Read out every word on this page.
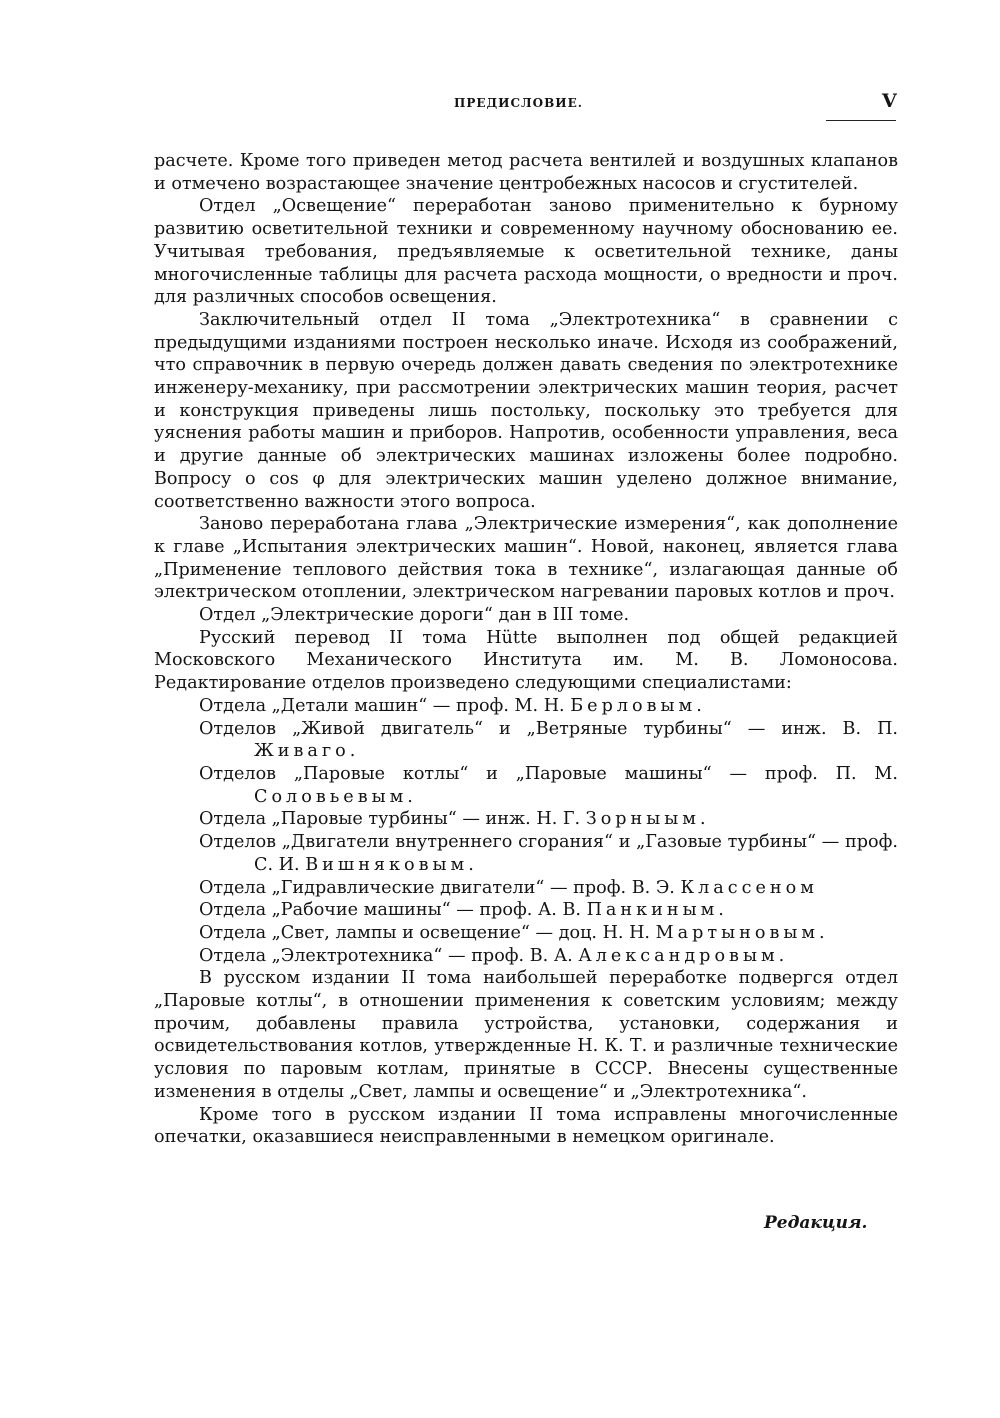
ПРЕДИСЛОВИЕ.	V

расчете. Кроме того приведен метод расчета вентилей и воздушных клапанов и отмечено возрастающее значение центробежных насосов и сгустителей.

Отдел „Освещение“ переработан заново применительно к бурному развитию осветительной техники и современному научному обоснованию ее. Учитывая требования, предъявляемые к осветительной технике, даны многочисленные таблицы для расчета расхода мощности, о вредности и проч. для различных способов освещения.

Заключительный отдел II тома „Электротехника“ в сравнении с предыдущими изданиями построен несколько иначе. Исходя из соображений, что справочник в первую очередь должен давать сведения по электротехнике инженеру-механику, при рассмотрении электрических машин теория, расчет и конструкция приведены лишь постольку, поскольку это требуется для уяснения работы машин и приборов. Напротив, особенности управления, веса и другие данные об электрических машинах изложены более подробно. Вопросу о cos φ для электрических машин уделено должное внимание, соответственно важности этого вопроса.

Заново переработана глава „Электрические измерения“, как дополнение к главе „Испытания электрических машин“. Новой, наконец, является глава „Применение теплового действия тока в технике“, излагающая данные об электрическом отоплении, электрическом нагревании паровых котлов и проч.

Отдел „Электрические дороги“ дан в III томе.

Русский перевод II тома Hütte выполнен под общей редакцией Московского Механического Института им. М. В. Ломоносова. Редактирование отделов произведено следующими специалистами:

Отдела „Детали машин“ — проф. М. Н. Берловым.

Отделов „Живой двигатель“ и „Ветряные турбины“ — инж. В. П. Живаго.

Отделов „Паровые котлы“ и „Паровые машины“ — проф. П. М. Соловьевым.

Отдела „Паровые турбины“ — инж. Н. Г. Зорныым.

Отделов „Двигатели внутреннего сгорания“ и „Газовые турбины“ — проф. С. И. Вишняковым.

Отдела „Гидравлические двигатели“ — проф. В. Э. Классеном

Отдела „Рабочие машины“ — проф. А. В. Панкиным.

Отдела „Свет, лампы и освещение“ — доц. Н. Н. Мартыновым.

Отдела „Электротехника“ — проф. В. А. Александровым.

В русском издании II тома наибольшей переработке подвергся отдел „Паровые котлы“, в отношении применения к советским условиям; между прочим, добавлены правила устройства, установки, содержания и освидетельствования котлов, утвержденные Н. К. Т. и различные технические условия по паровым котлам, принятые в СССР. Внесены существенные изменения в отделы „Свет, лампы и освещение“ и „Электротехника“.

Кроме того в русском издании II тома исправлены многочисленные опечатки, оказавшиеся неисправленными в немецком оригинале.

Редакция.
